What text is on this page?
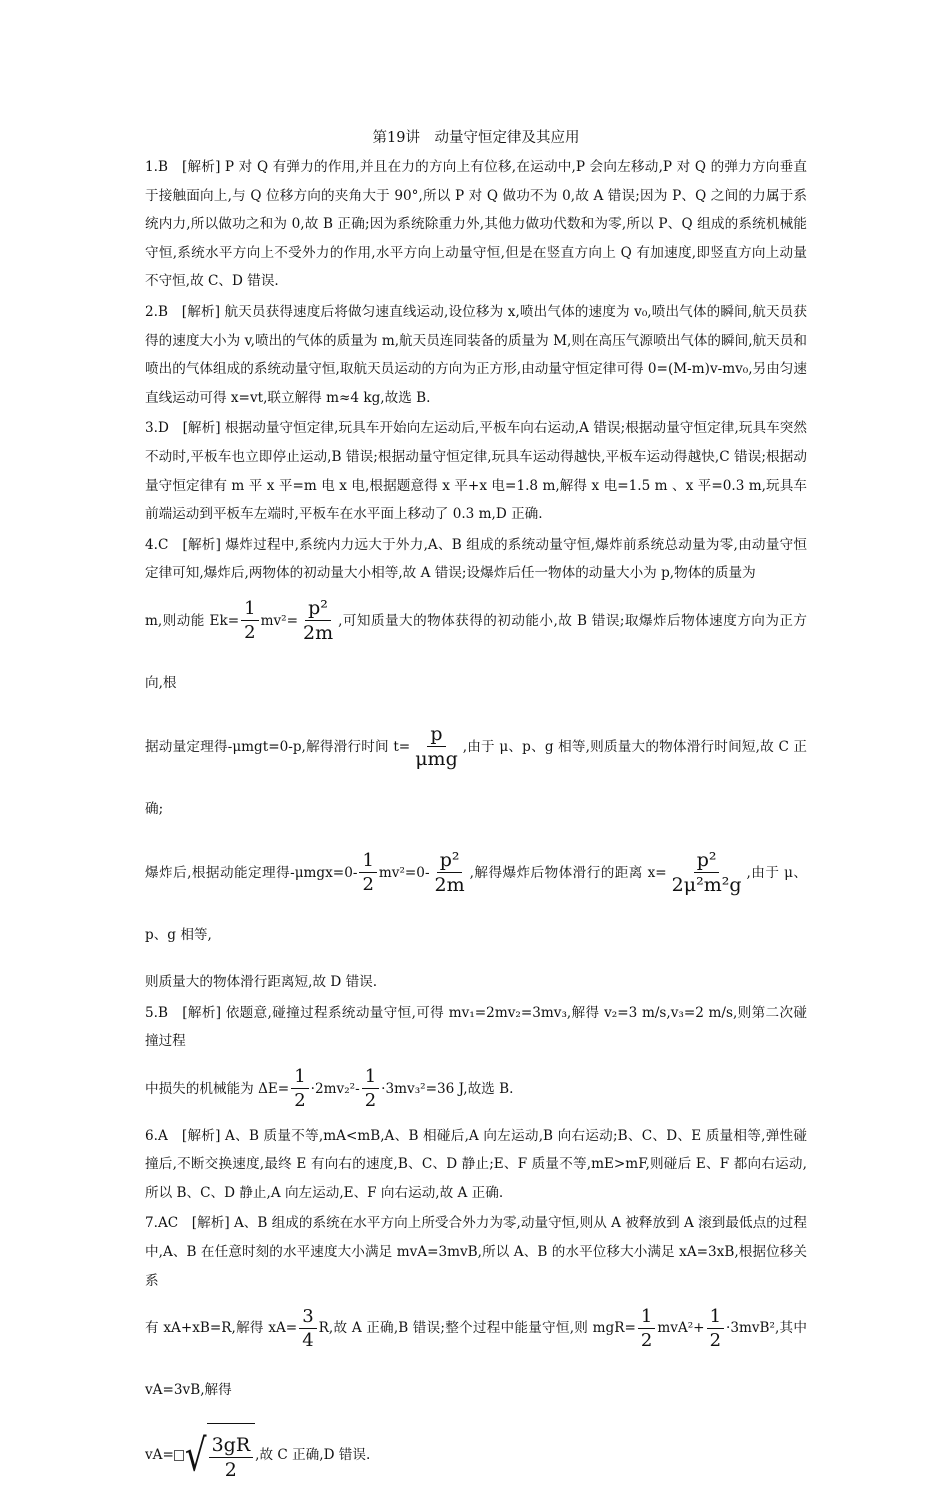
第19讲　动量守恒定律及其应用

1.B　[解析] P 对 Q 有弹力的作用,并且在力的方向上有位移,在运动中,P 会向左移动,P 对 Q 的弹力方向垂直于接触面向上,与 Q 位移方向的夹角大于 90°,所以 P 对 Q 做功不为 0,故 A 错误;因为 P、Q 之间的力属于系统内力,所以做功之和为 0,故 B 正确;因为系统除重力外,其他力做功代数和为零,所以 P、Q 组成的系统机械能守恒,系统水平方向上不受外力的作用,水平方向上动量守恒,但是在竖直方向上 Q 有加速度,即竖直方向上动量不守恒,故 C、D 错误.

2.B　[解析] 航天员获得速度后将做匀速直线运动,设位移为 x,喷出气体的速度为 v₀,喷出气体的瞬间,航天员获得的速度大小为 v,喷出的气体的质量为 m,航天员连同装备的质量为 M,则在高压气源喷出气体的瞬间,航天员和喷出的气体组成的系统动量守恒,取航天员运动的方向为正方形,由动量守恒定律可得 0=(M-m)v-mv₀,另由匀速直线运动可得 x=vt,联立解得 m≈4 kg,故选 B.

3.D　[解析] 根据动量守恒定律,玩具车开始向左运动后,平板车向右运动,A 错误;根据动量守恒定律,玩具车突然不动时,平板车也立即停止运动,B 错误;根据动量守恒定律,玩具车运动得越快,平板车运动得越快,C 错误;根据动量守恒定律有 m 平 x 平=m 电 x 电,根据题意得 x 平+x 电=1.8 m,解得 x 电=1.5 m 、x 平=0.3 m,玩具车前端运动到平板车左端时,平板车在水平面上移动了 0.3 m,D 正确.

4.C　[解析] 爆炸过程中,系统内力远大于外力,A、B 组成的系统动量守恒,爆炸前系统总动量为零,由动量守恒定律可知,爆炸后,两物体的初动量大小相等,故 A 错误;设爆炸后任一物体的动量大小为 p,物体的质量为

m,则动能 $Ek= \frac{1}{2} mv^2= \frac{\text{p²}}{2m}$ ,可知质量大的物体获得的初动能小,故 B 错误;取爆炸后物体速度方向为正方向,根

据动量定理得-μmgt=0-p,解得滑行时间 $t= \frac{p}{\text{μmg}}$ ,由于 μ、p、g 相等,则质量大的物体滑行时间短,故 C 正确;

爆炸后,根据动能定理得$-\mu mgx=0- \frac{1}{2} mv^2=0- \frac{\text{p²}}{2m}$ ,解得爆炸后物体滑行的距离 $x= \frac{\text{p²}}{\text{2μ²m²g}}$ ,由于 μ、p、g 相等,

则质量大的物体滑行距离短,故 D 错误.

5.B　[解析] 依题意,碰撞过程系统动量守恒,可得 mv₁=2mv₂=3mv₃,解得 v₂=3 m/s,v₃=2 m/s,则第二次碰撞过程

中损失的机械能为 $\Delta E= \frac{1}{2} \cdot 2mv_2^2- \frac{1}{2} \cdot 3mv_3^2=36$ J,故选 B.

6.A　[解析] A、B 质量不等,mA<mB,A、B 相碰后,A 向左运动,B 向右运动;B、C、D、E 质量相等,弹性碰撞后,不断交换速度,最终 E 有向右的速度,B、C、D 静止;E、F 质量不等,mE>mF,则碰后 E、F 都向右运动,所以 B、C、D 静止,A 向左运动,E、F 向右运动,故 A 正确.

7.AC　[解析] A、B 组成的系统在水平方向上所受合外力为零,动量守恒,则从 A 被释放到 A 滚到最低点的过程中,A、B 在任意时刻的水平速度大小满足 mvA=3mvB,所以 A、B 的水平位移大小满足 xA=3xB,根据位移关系

有 xA+xB=R,解得 $xA= \frac{3}{4} R$,故 A 正确,B 错误;整个过程中能量守恒,则 $mgR= \frac{1}{2} mvA^2+ \frac{1}{2} \cdot 3mvB^2$,其中 vA=3vB,解得

vA= √ $\frac{3gR}{2}$ ,故 C 正确,D 错误.
